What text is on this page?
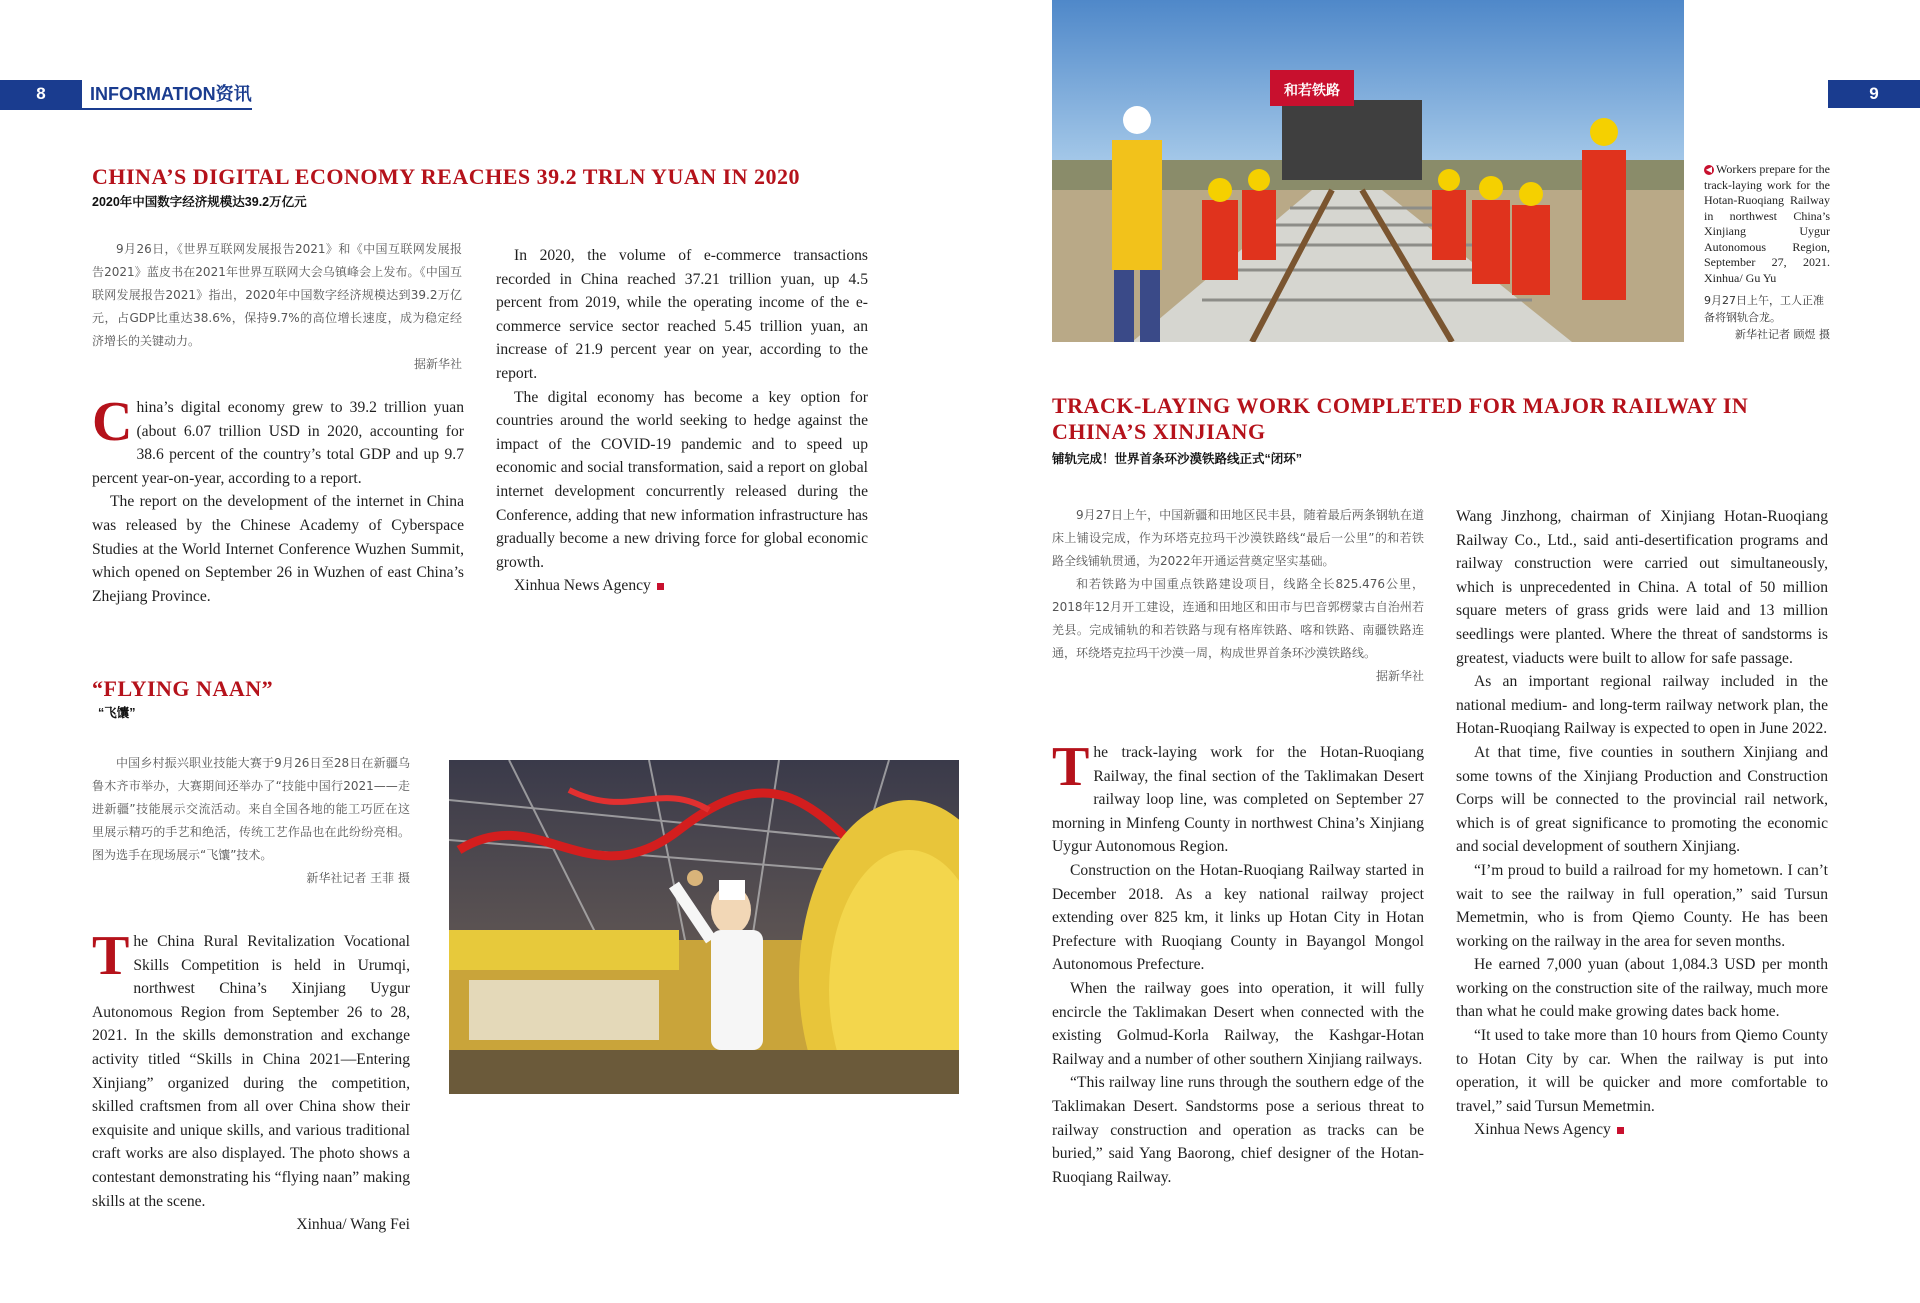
8	INFORMATION资讯	9
CHINA’S DIGITAL ECONOMY REACHES 39.2 TRLN YUAN IN 2020
2020年中国数字经济规模达39.2万亿元

9月26日，《世界互联网发展报告2021》和《中国互联网发展报告2021》蓝皮书在2021年世界互联网大会乌镇峰会上发布。《中国互联网发展报告2021》指出，2020年中国数字经济规模达到39.2万亿元，占GDP比重达38.6%，保持9.7%的高位增长速度，成为稳定经济增长的关键动力。

据新华社

China’s digital economy grew to 39.2 trillion yuan (about 6.07 trillion USD in 2020, accounting for 38.6 percent of the country’s total GDP and up 9.7 percent year-on-year, according to a report.

The report on the development of the internet in China was released by the Chinese Academy of Cyberspace Studies at the World Internet Conference Wuzhen Summit, which opened on September 26 in Wuzhen of east China’s Zhejiang Province.

In 2020, the volume of e-commerce transactions recorded in China reached 37.21 trillion yuan, up 4.5 percent from 2019, while the operating income of the e-commerce service sector reached 5.45 trillion yuan, an increase of 21.9 percent year on year, according to the report.

The digital economy has become a key option for countries around the world seeking to hedge against the impact of the COVID-19 pandemic and to speed up economic and social transformation, said a report on global internet development concurrently released during the Conference, adding that new information infrastructure has gradually become a new driving force for global economic growth.

Xinhua News Agency

“FLYING NAAN”
“飞馕”

中国乡村振兴职业技能大赛于9月26日至28日在新疆乌鲁木齐市举办，大赛期间还举办了“技能中国行2021——走进新疆”技能展示交流活动。来自全国各地的能工巧匠在这里展示精巧的手艺和绝活，传统工艺作品也在此纷纷亮相。图为选手在现场展示“飞馕”技术。

新华社记者 王菲 摄

The China Rural Revitalization Vocational Skills Competition is held in Urumqi, northwest China’s Xinjiang Uygur Autonomous Region from September 26 to 28, 2021. In the skills demonstration and exchange activity titled “Skills in China 2021—Entering Xinjiang” organized during the competition, skilled craftsmen from all over China show their exquisite and unique skills, and various traditional craft works are also displayed. The photo shows a contestant demonstrating his “flying naan” making skills at the scene.

Xinhua/ Wang Fei

和若铁路
◀ Workers prepare for the track-laying work for the Hotan-Ruoqiang Railway in northwest China’s Xinjiang Uygur Autonomous Region, September 27, 2021. Xinhua/ Gu Yu
9月27日上午，工人正准备将钢轨合龙。
新华社记者 顾煜 摄
TRACK-LAYING WORK COMPLETED FOR MAJOR RAILWAY IN CHINA’S XINJIANG
铺轨完成！世界首条环沙漠铁路线正式“闭环”

9月27日上午，中国新疆和田地区民丰县，随着最后两条钢轨在道床上铺设完成，作为环塔克拉玛干沙漠铁路线“最后一公里”的和若铁路全线铺轨贯通，为2022年开通运营奠定坚实基础。

和若铁路为中国重点铁路建设项目，线路全长825.476公里，2018年12月开工建设，连通和田地区和田市与巴音郭楞蒙古自治州若羌县。完成铺轨的和若铁路与现有格库铁路、喀和铁路、南疆铁路连通，环绕塔克拉玛干沙漠一周，构成世界首条环沙漠铁路线。

据新华社

The track-laying work for the Hotan-Ruoqiang Railway, the final section of the Taklimakan Desert railway loop line, was completed on September 27 morning in Minfeng County in northwest China’s Xinjiang Uygur Autonomous Region.

Construction on the Hotan-Ruoqiang Railway started in December 2018. As a key national railway project extending over 825 km, it links up Hotan City in Hotan Prefecture with Ruoqiang County in Bayangol Mongol Autonomous Prefecture.

When the railway goes into operation, it will fully encircle the Taklimakan Desert when connected with the existing Golmud-Korla Railway, the Kashgar-Hotan Railway and a number of other southern Xinjiang railways.

“This railway line runs through the southern edge of the Taklimakan Desert. Sandstorms pose a serious threat to railway construction and operation as tracks can be buried,” said Yang Baorong, chief designer of the Hotan-Ruoqiang Railway.

Wang Jinzhong, chairman of Xinjiang Hotan-Ruoqiang Railway Co., Ltd., said anti-desertification programs and railway construction were carried out simultaneously, which is unprecedented in China. A total of 50 million square meters of grass grids were laid and 13 million seedlings were planted. Where the threat of sandstorms is greatest, viaducts were built to allow for safe passage.

As an important regional railway included in the national medium- and long-term railway network plan, the Hotan-Ruoqiang Railway is expected to open in June 2022.

At that time, five counties in southern Xinjiang and some towns of the Xinjiang Production and Construction Corps will be connected to the provincial rail network, which is of great significance to promoting the economic and social development of southern Xinjiang.

“I’m proud to build a railroad for my hometown. I can’t wait to see the railway in full operation,” said Tursun Memetmin, who is from Qiemo County. He has been working on the railway in the area for seven months.

He earned 7,000 yuan (about 1,084.3 USD per month working on the construction site of the railway, much more than what he could make growing dates back home.

“It used to take more than 10 hours from Qiemo County to Hotan City by car. When the railway is put into operation, it will be quicker and more comfortable to travel,” said Tursun Memetmin.

Xinhua News Agency
